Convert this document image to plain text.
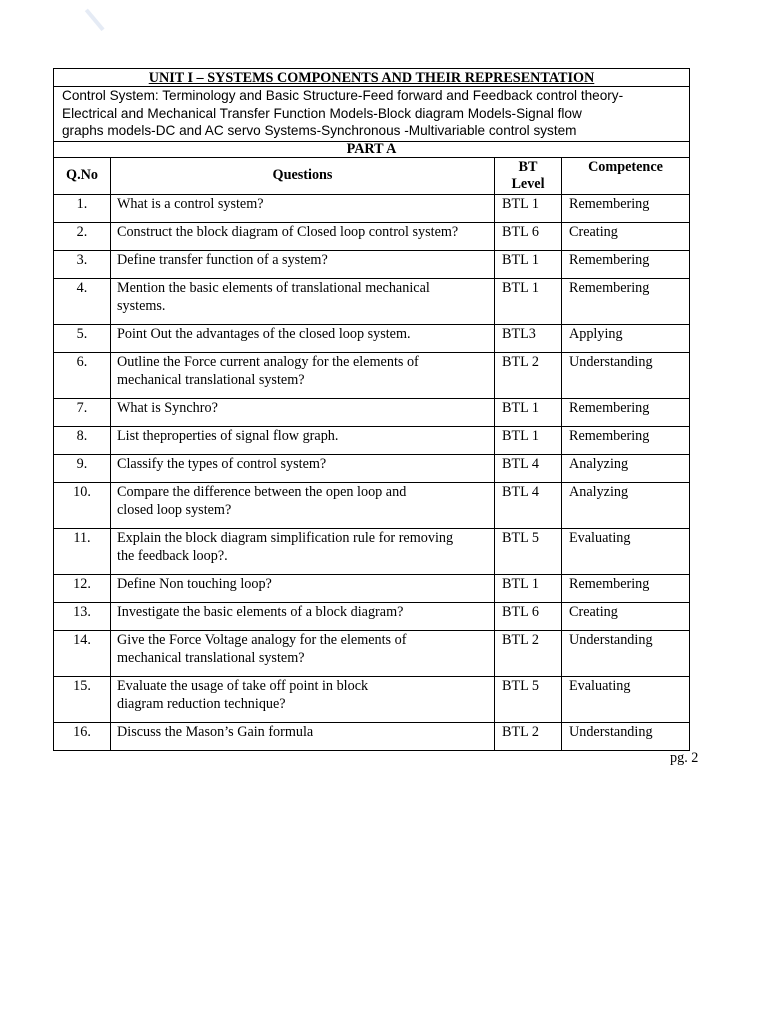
UNIT I – SYSTEMS COMPONENTS AND THEIR REPRESENTATION			

Control System: Terminology and Basic Structure-Feed forward and Feedback control theory-
Electrical and Mechanical Transfer Function Models-Block diagram Models-Signal flow
graphs models-DC and AC servo Systems-Synchronous -Multivariable control system			

PART A			
Q.No	Questions	BT
Level	Competence
1.	What is a control system?	BTL 1	Remembering
2.	Construct the block diagram of Closed loop control system?	BTL 6	Creating
3.	Define transfer function of a system?	BTL 1	Remembering
4.	Mention the basic elements of translational mechanical
systems.	BTL 1	Remembering
5.	Point Out the advantages of the closed loop system.	BTL3	Applying
6.	Outline the Force current analogy for the elements of
mechanical translational system?	BTL 2	Understanding
7.	What is Synchro?	BTL 1	Remembering
8.	List theproperties of signal flow graph.	BTL 1	Remembering
9.	Classify the types of control system?	BTL 4	Analyzing
10.	Compare the difference between the open loop and
closed loop system?	BTL 4	Analyzing
11.	Explain the block diagram simplification rule for removing
the feedback loop?.	BTL 5	Evaluating
12.	Define Non touching loop?	BTL 1	Remembering
13.	Investigate the basic elements of a block diagram?	BTL 6	Creating
14.	Give the Force Voltage analogy for the elements of
mechanical translational system?	BTL 2	Understanding
15.	Evaluate the usage of take off point in block
diagram reduction technique?	BTL 5	Evaluating
16.	Discuss the Mason’s Gain formula	BTL 2	Understanding
pg. 2
